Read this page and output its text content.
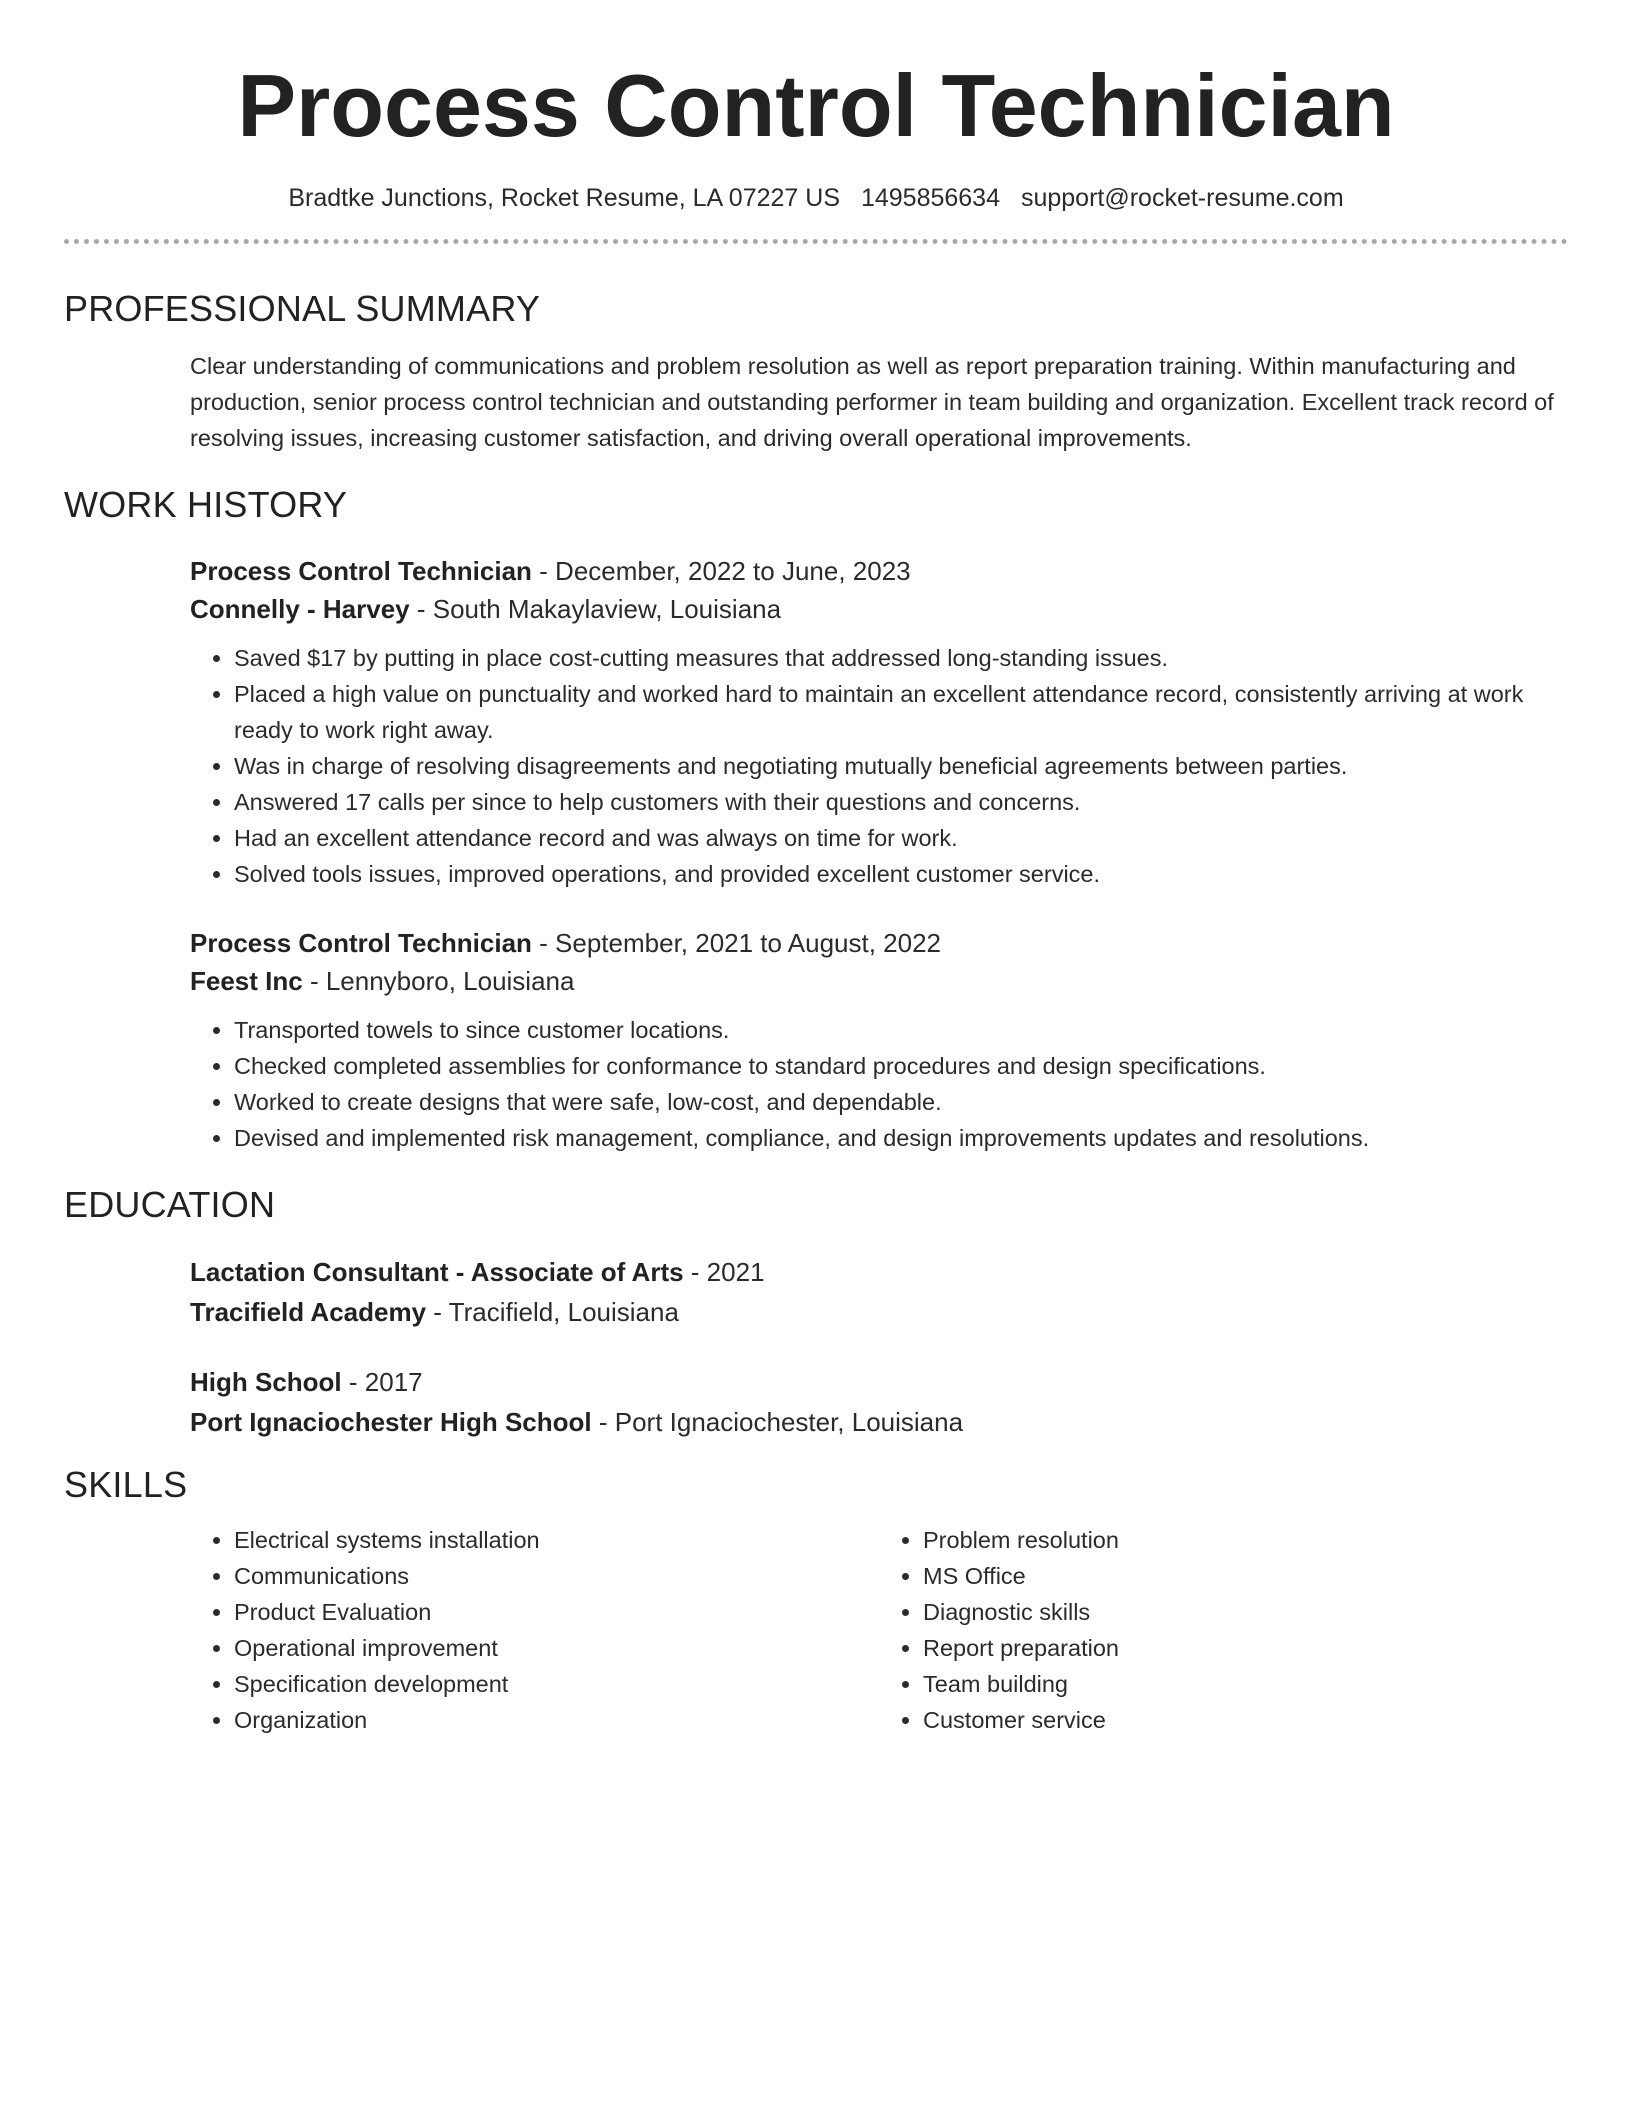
Process Control Technician
Bradtke Junctions, Rocket Resume, LA 07227 US 1495856634 support@rocket-resume.com
PROFESSIONAL SUMMARY
Clear understanding of communications and problem resolution as well as report preparation training. Within manufacturing and production, senior process control technician and outstanding performer in team building and organization. Excellent track record of resolving issues, increasing customer satisfaction, and driving overall operational improvements.
WORK HISTORY
Process Control Technician - December, 2022 to June, 2023
Connelly - Harvey - South Makaylaview, Louisiana
• Saved $17 by putting in place cost-cutting measures that addressed long-standing issues.
• Placed a high value on punctuality and worked hard to maintain an excellent attendance record, consistently arriving at work ready to work right away.
• Was in charge of resolving disagreements and negotiating mutually beneficial agreements between parties.
• Answered 17 calls per since to help customers with their questions and concerns.
• Had an excellent attendance record and was always on time for work.
• Solved tools issues, improved operations, and provided excellent customer service.
Process Control Technician - September, 2021 to August, 2022
Feest Inc - Lennyboro, Louisiana
• Transported towels to since customer locations.
• Checked completed assemblies for conformance to standard procedures and design specifications.
• Worked to create designs that were safe, low-cost, and dependable.
• Devised and implemented risk management, compliance, and design improvements updates and resolutions.
EDUCATION
Lactation Consultant - Associate of Arts - 2021
Tracifield Academy - Tracifield, Louisiana
High School - 2017
Port Ignaciochester High School - Port Ignaciochester, Louisiana
SKILLS
• Electrical systems installation
• Communications
• Product Evaluation
• Operational improvement
• Specification development
• Organization
• Problem resolution
• MS Office
• Diagnostic skills
• Report preparation
• Team building
• Customer service
